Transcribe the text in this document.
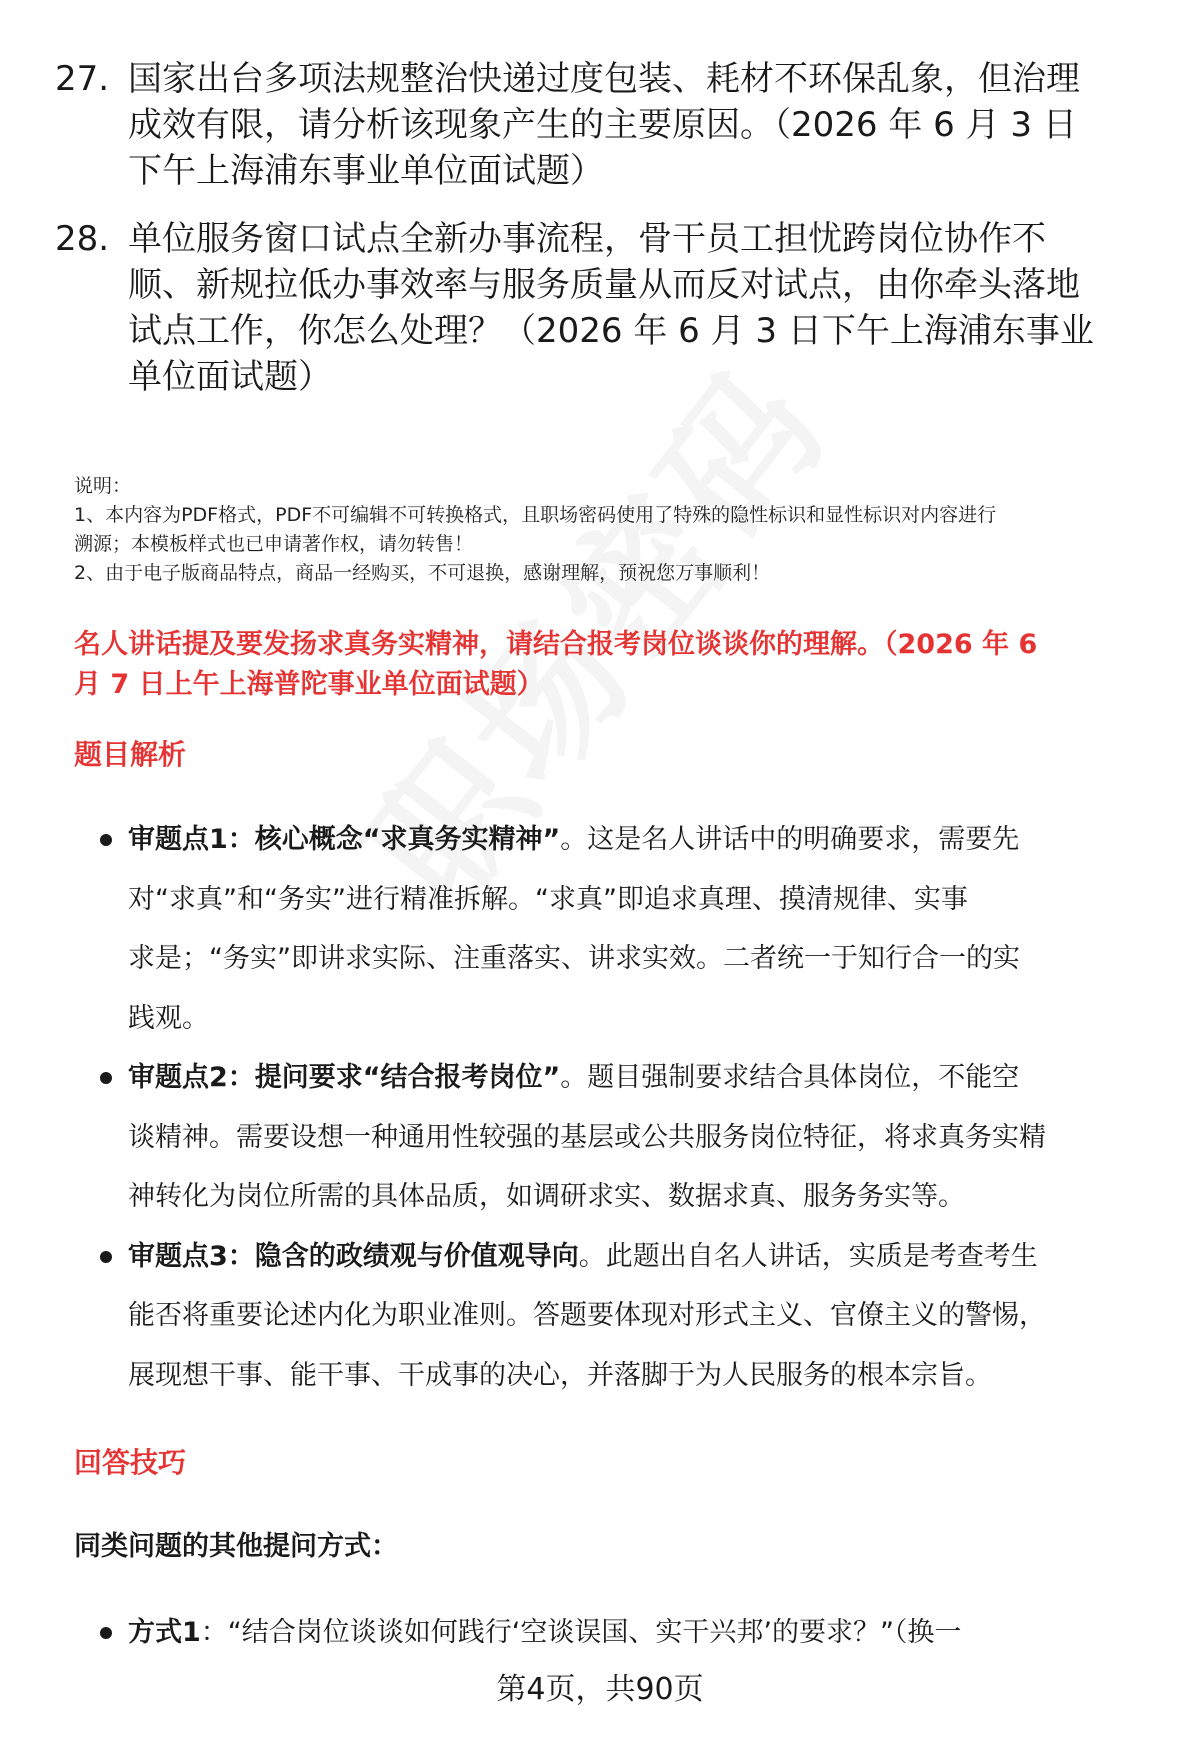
27. 国家出台多项法规整治快递过度包装、耗材不环保乱象，但治理
成效有限，请分析该现象产生的主要原因。（2026 年 6 月 3 日
下午上海浦东事业单位面试题）
28. 单位服务窗口试点全新办事流程，骨干员工担忧跨岗位协作不
顺、新规拉低办事效率与服务质量从而反对试点，由你牵头落地
试点工作，你怎么处理？（2026 年 6 月 3 日下午上海浦东事业
单位面试题）
说明：
1、本内容为PDF格式，PDF不可编辑不可转换格式，且职场密码使用了特殊的隐性标识和显性标识对内容进行
溯源；本模板样式也已申请著作权，请勿转售！
2、由于电子版商品特点，商品一经购买，不可退换，感谢理解，预祝您万事顺利！
名人讲话提及要发扬求真务实精神，请结合报考岗位谈谈你的理解。（2026 年 6
月 7 日上午上海普陀事业单位面试题）
题目解析
审题点1：核心概念“求真务实精神”。这是名人讲话中的明确要求，需要先
对“求真”和“务实”进行精准拆解。“求真”即追求真理、摸清规律、实事
求是；“务实”即讲求实际、注重落实、讲求实效。二者统一于知行合一的实
践观。
审题点2：提问要求“结合报考岗位”。题目强制要求结合具体岗位，不能空
谈精神。需要设想一种通用性较强的基层或公共服务岗位特征，将求真务实精
神转化为岗位所需的具体品质，如调研求实、数据求真、服务务实等。
审题点3：隐含的政绩观与价值观导向。此题出自名人讲话，实质是考查考生
能否将重要论述内化为职业准则。答题要体现对形式主义、官僚主义的警惕，
展现想干事、能干事、干成事的决心，并落脚于为人民服务的根本宗旨。
回答技巧
同类问题的其他提问方式：
方式1：“结合岗位谈谈如何践行‘空谈误国、实干兴邦’的要求？”（换一
第4页，共90页
